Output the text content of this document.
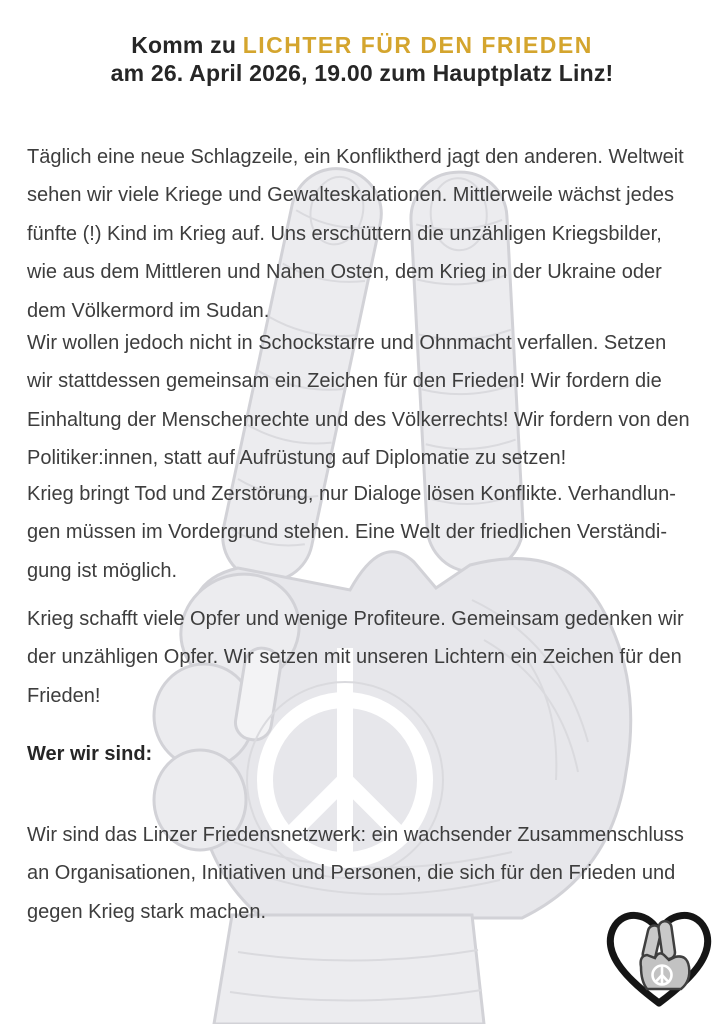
Komm zu LICHTER FÜR DEN FRIEDEN
am 26. April 2026, 19.00 zum Hauptplatz Linz!

Täglich eine neue Schlagzeile, ein Konfliktherd jagt den anderen. Weltweit
sehen wir viele Kriege und Gewalteskalationen. Mittlerweile wächst jedes
fünfte (!) Kind im Krieg auf. Uns erschüttern die unzähligen Kriegsbilder,
wie aus dem Mittleren und Nahen Osten, dem Krieg in der Ukraine oder
dem Völkermord im Sudan.

Wir wollen jedoch nicht in Schockstarre und Ohnmacht verfallen. Setzen
wir stattdessen gemeinsam ein Zeichen für den Frieden! Wir fordern die
Einhaltung der Menschenrechte und des Völkerrechts! Wir fordern von den
Politiker:innen, statt auf Aufrüstung auf Diplomatie zu setzen!

Krieg bringt Tod und Zerstörung, nur Dialoge lösen Konflikte. Verhandlun-
gen müssen im Vordergrund stehen. Eine Welt der friedlichen Verständi-
gung ist möglich.

Krieg schafft viele Opfer und wenige Profiteure. Gemeinsam gedenken wir
der unzähligen Opfer. Wir setzen mit unseren Lichtern ein Zeichen für den
Frieden!

Wer wir sind:

Wir sind das Linzer Friedensnetzwerk: ein wachsender Zusammenschluss
an Organisationen, Initiativen und Personen, die sich für den Frieden und
gegen Krieg stark machen.
